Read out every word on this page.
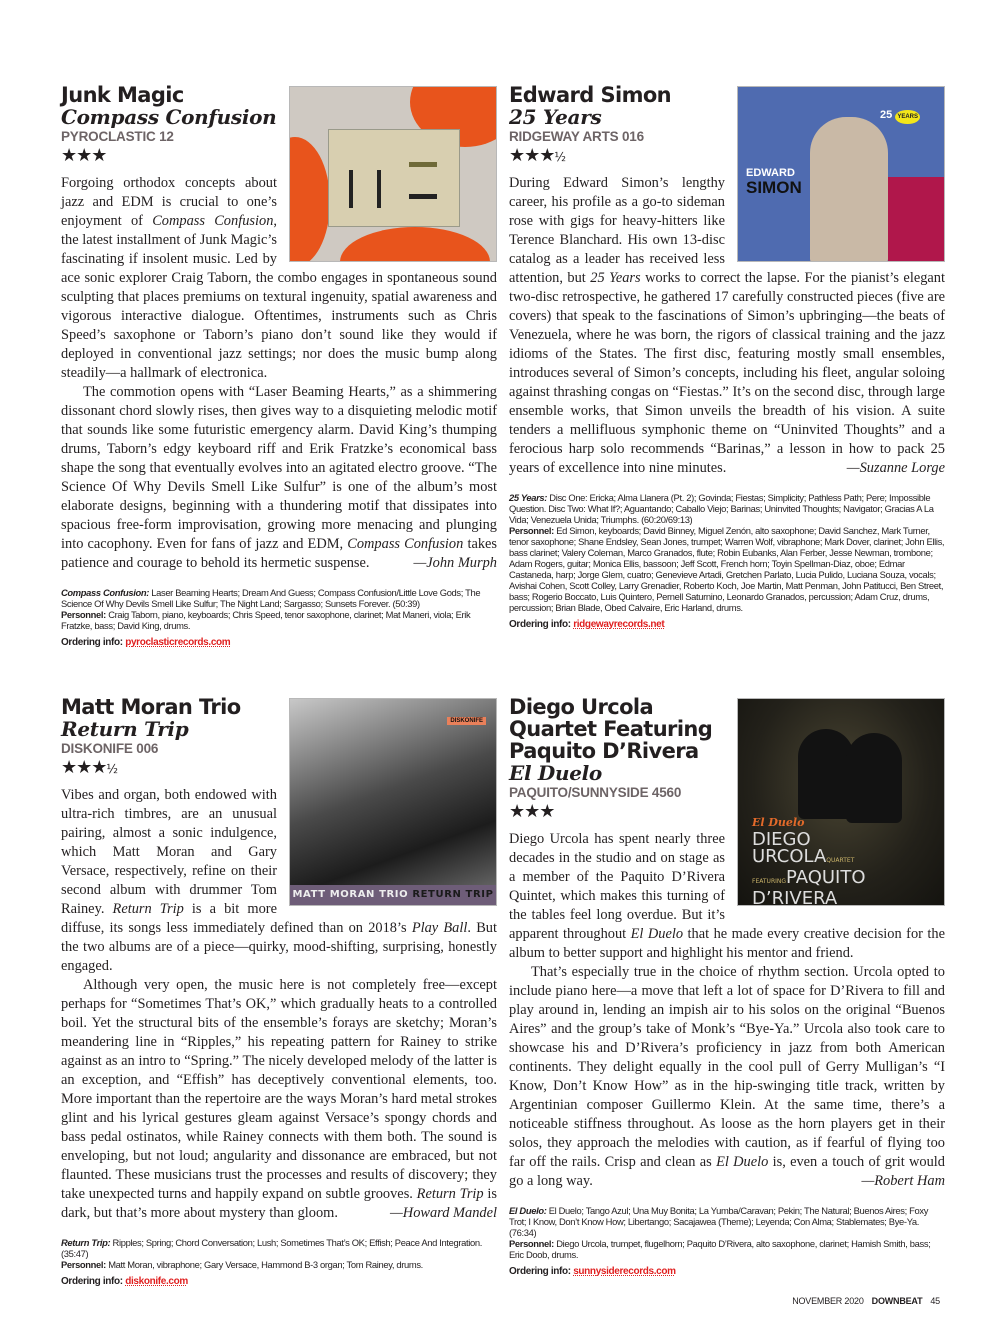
Junk Magic
Compass Confusion
PYROCLASTIC 12
★★★

Forgoing orthodox concepts about jazz and EDM is crucial to one’s enjoyment of Compass Confusion, the latest installment of Junk Magic’s fascinating if insolent music. Led by ace sonic explorer Craig Taborn, the combo engages in spontaneous sound sculpting that places premiums on textural ingenuity, spatial awareness and vigorous interactive dialogue. Oftentimes, instruments such as Chris Speed’s saxophone or Taborn’s piano don’t sound like they would if deployed in conventional jazz settings; nor does the music bump along steadily—a hallmark of electronica.

The commotion opens with “Laser Beaming Hearts,” as a shimmering dissonant chord slowly rises, then gives way to a disquieting melodic motif that sounds like some futuristic emergency alarm. David King’s thumping drums, Taborn’s edgy keyboard riff and Erik Fratzke’s economical bass shape the song that eventually evolves into an agitated electro groove. “The Science Of Why Devils Smell Like Sulfur” is one of the album’s most elaborate designs, beginning with a thundering motif that dissipates into spacious free-form improvisation, growing more menacing and plunging into cacophony. Even for fans of jazz and EDM, Compass Confusion takes patience and courage to behold its hermetic suspense.	—John Murph

Compass Confusion: Laser Beaming Hearts; Dream And Guess; Compass Confusion/Little Love Gods; The Science Of Why Devils Smell Like Sulfur; The Night Land; Sargasso; Sunsets Forever. (50:39)

Personnel: Craig Taborn, piano, keyboards; Chris Speed, tenor saxophone, clarinet; Mat Maneri, viola; Erik Fratzke, bass; David King, drums.

Ordering info: pyroclasticrecords.com

EDWARD
SIMON
25 YEARS
Edward Simon
25 Years
RIDGEWAY ARTS 016
★★★½

During Edward Simon’s lengthy career, his profile as a go-to sideman rose with gigs for heavy-hitters like Terence Blanchard. His own 13-disc catalog as a leader has received less attention, but 25 Years works to correct the lapse. For the pianist’s elegant two-disc retrospective, he gathered 17 carefully constructed pieces (five are covers) that speak to the fascinations of Simon’s upbringing—the beats of Venezuela, where he was born, the rigors of classical training and the jazz idioms of the States. The first disc, featuring mostly small ensembles, introduces several of Simon’s concepts, including his fleet, angular soloing against thrashing congas on “Fiestas.” It’s on the second disc, through large ensemble works, that Simon unveils the breadth of his vision. A suite tenders a mellifluous symphonic theme on “Uninvited Thoughts” and a ferocious harp solo recommends “Barinas,” a lesson in how to pack 25 years of excellence into nine minutes.	—Suzanne Lorge

25 Years: Disc One: Ericka; Alma Llanera (Pt. 2); Govinda; Fiestas; Simplicity; Pathless Path; Pere; Impossible Question. Disc Two: What If?; Aguantando; Caballo Viejo; Barinas; Uninvited Thoughts; Navigator; Gracias A La Vida; Venezuela Unida; Triumphs. (60:20/69:13)

Personnel: Ed Simon, keyboards; David Binney, Miguel Zenón, alto saxophone; David Sanchez, Mark Turner, tenor saxophone; Shane Endsley, Sean Jones, trumpet; Warren Wolf, vibraphone; Mark Dover, clarinet; John Ellis, bass clarinet; Valery Coleman, Marco Granados, flute; Robin Eubanks, Alan Ferber, Jesse Newman, trombone; Adam Rogers, guitar; Monica Ellis, bassoon; Jeff Scott, French horn; Toyin Spellman-Diaz, oboe; Edmar Castaneda, harp; Jorge Glem, cuatro; Genevieve Artadi, Gretchen Parlato, Lucia Pulido, Luciana Souza, vocals; Avishai Cohen, Scott Colley, Larry Grenadier, Roberto Koch, Joe Martin, Matt Penman, John Patitucci, Ben Street, bass; Rogerio Boccato, Luis Quintero, Pernell Saturnino, Leonardo Granados, percussion; Adam Cruz, drums, percussion; Brian Blade, Obed Calvaire, Eric Harland, drums.

Ordering info: ridgewayrecords.net

DISKONIFE
MATT MORAN TRIO RETURN TRIP
Matt Moran Trio
Return Trip
DISKONIFE 006
★★★½

Vibes and organ, both endowed with ultra-rich timbres, are an unusual pairing, almost a sonic indulgence, which Matt Moran and Gary Versace, respectively, refine on their second album with drummer Tom Rainey. Return Trip is a bit more diffuse, its songs less immediately defined than on 2018’s Play Ball. But the two albums are of a piece—quirky, mood-shifting, surprising, honestly engaged.

Although very open, the music here is not completely free—except perhaps for “Sometimes That’s OK,” which gradually heats to a controlled boil. Yet the structural bits of the ensemble’s forays are sketchy; Moran’s meandering line in “Ripples,” his repeating pattern for Rainey to strike against as an intro to “Spring.” The nicely developed melody of the latter is an exception, and “Effish” has deceptively conventional elements, too. More important than the repertoire are the ways Moran’s hard metal strokes glint and his lyrical gestures gleam against Versace’s spongy chords and bass pedal ostinatos, while Rainey connects with them both. The sound is enveloping, but not loud; angularity and dissonance are embraced, but not flaunted. These musicians trust the processes and results of discovery; they take unexpected turns and happily expand on subtle grooves. Return Trip is dark, but that’s more about mystery than gloom.	—Howard Mandel

Return Trip: Ripples; Spring; Chord Conversation; Lush; Sometimes That’s OK; Effish; Peace And Integration. (35:47)

Personnel: Matt Moran, vibraphone; Gary Versace, Hammond B-3 organ; Tom Rainey, drums.

Ordering info: diskonife.com

El Duelo
DIEGO
URCOLAQUARTET
FEATURINGPAQUITO
D’RIVERA
Diego Urcola Quartet Featuring Paquito D’Rivera
El Duelo
PAQUITO/SUNNYSIDE 4560
★★★

Diego Urcola has spent nearly three decades in the studio and on stage as a member of the Paquito D’Rivera Quintet, which makes this turning of the tables feel long overdue. But it’s apparent throughout El Duelo that he made every creative decision for the album to better support and highlight his mentor and friend.

That’s especially true in the choice of rhythm section. Urcola opted to include piano here—a move that left a lot of space for D’Rivera to fill and play around in, lending an impish air to his solos on the original “Buenos Aires” and the group’s take of Monk’s “Bye-Ya.” Urcola also took care to showcase his and D’Rivera’s proficiency in jazz from both American continents. They delight equally in the cool pull of Gerry Mulligan’s “I Know, Don’t Know How” as in the hip-swinging title track, written by Argentinian composer Guillermo Klein. At the same time, there’s a noticeable stiffness throughout. As loose as the horn players get in their solos, they approach the melodies with caution, as if fearful of flying too far off the rails. Crisp and clean as El Duelo is, even a touch of grit would go a long way.	—Robert Ham

El Duelo: El Duelo; Tango Azul; Una Muy Bonita; La Yumba/Caravan; Pekin; The Natural; Buenos Aires; Foxy Trot; I Know, Don’t Know How; Libertango; Sacajawea (Theme); Leyenda; Con Alma; Stablemates; Bye-Ya. (76:34)

Personnel: Diego Urcola, trumpet, flugelhorn; Paquito D’Rivera, alto saxophone, clarinet; Hamish Smith, bass; Eric Doob, drums.

Ordering info: sunnysiderecords.com

NOVEMBER 2020 DOWNBEAT 45
